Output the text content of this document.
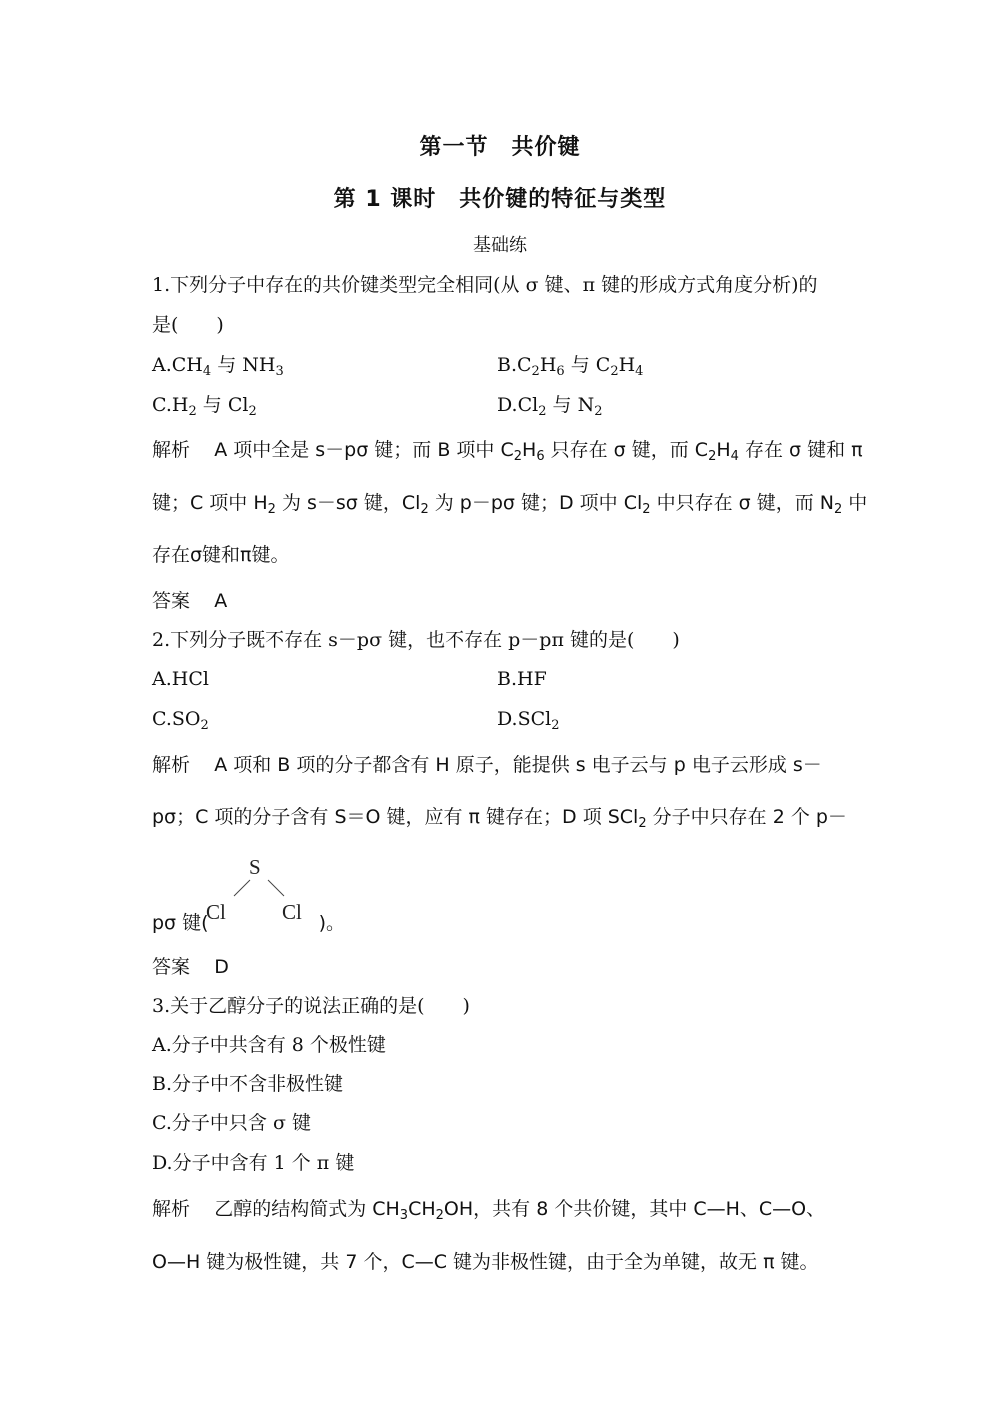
第一节　共价键
第 1 课时　共价键的特征与类型
基础练
1.下列分子中存在的共价键类型完全相同(从 σ 键、π 键的形成方式角度分析)的
是(　　)
$A.CH_4$ 与 $NH_3$	$B.C_2H_6$ 与 $C_2H_4$
$C.H_2$ 与 $Cl_2$	$D.Cl_2$ 与 $N_2$
解析 A 项中全是 s－pσ 键；而 B 项中 $C_2H_6$ 只存在 σ 键，而 $C_2H_4$ 存在 σ 键和 π
键；C 项中 $H_2$ 为 s－sσ 键，$Cl_2$ 为 p－pσ 键；D 项中 $Cl_2$ 中只存在 σ 键，而 $N_2$ 中
存在σ键和π键。
答案 A
2.下列分子既不存在 s－pσ 键，也不存在 p－pπ 键的是(　　)
A.HCl	B.HF
$C.SO_2$	D.SCl$_2$
解析 A 项和 B 项的分子都含有 H 原子，能提供 s 电子云与 p 电子云形成 s－
pσ；C 项的分子含有 S＝O 键，应有 π 键存在；D 项 SCl$_2$ 分子中只存在 2 个 p－
S
Cl	Cl
pσ 键(	)。
答案 D
3.关于乙醇分子的说法正确的是(　　)
A.分子中共含有 8 个极性键
B.分子中不含非极性键
C.分子中只含 σ 键
D.分子中含有 1 个 π 键
解析 乙醇的结构简式为 $CH_3CH_2OH$，共有 8 个共价键，其中 C—H、C—O、
O—H 键为极性键，共 7 个，C—C 键为非极性键，由于全为单键，故无 π 键。
